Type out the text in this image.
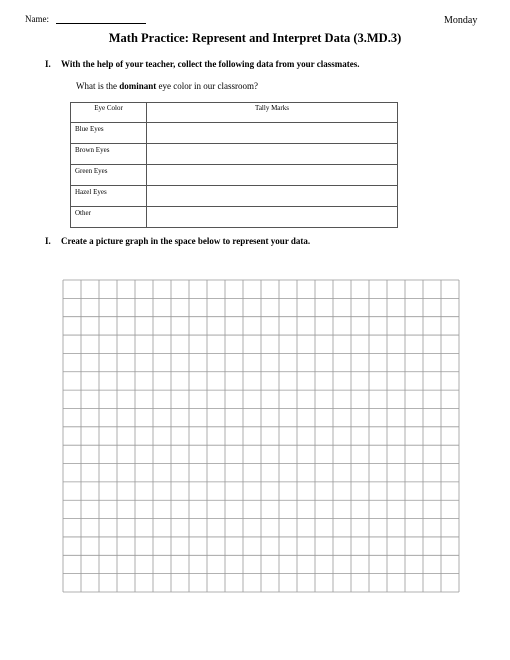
Name:	Monday
Math Practice: Represent and Interpret Data (3.MD.3)
I. With the help of your teacher, collect the following data from your classmates.
What is the dominant eye color in our classroom?
Eye Color	Tally Marks
Blue Eyes	
Brown Eyes	
Green Eyes	
Hazel Eyes	
Other	
I. Create a picture graph in the space below to represent your data.
